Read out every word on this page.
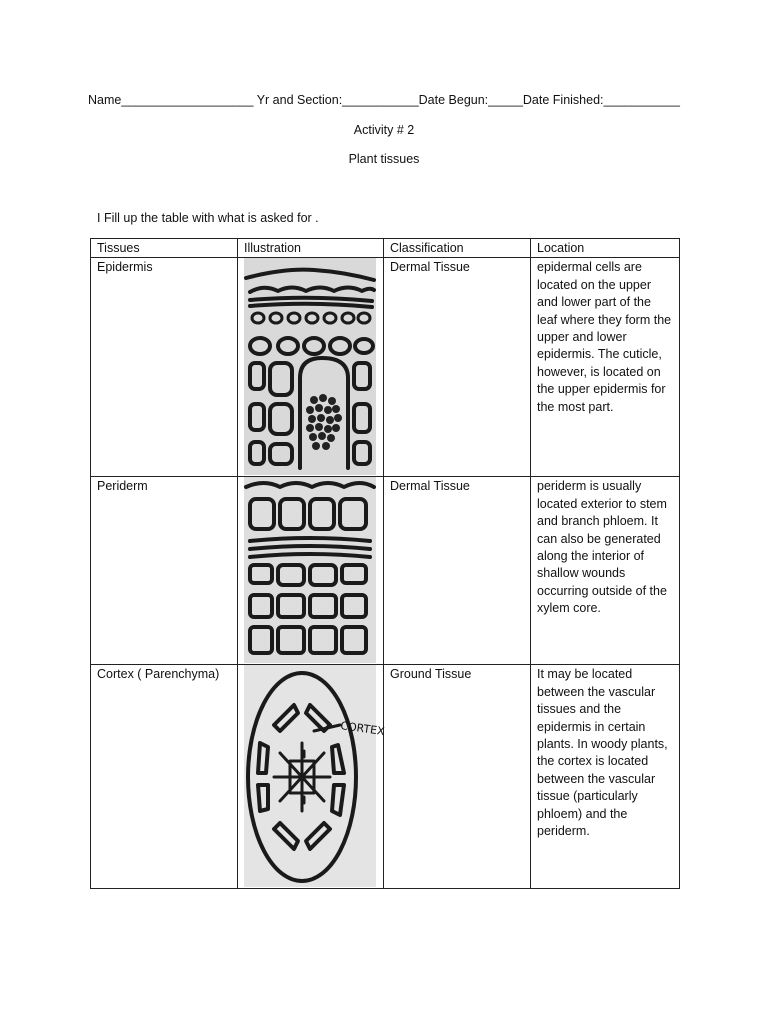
Name___________________ Yr and Section:___________Date Begun:_____Date Finished:___________
Activity # 2
Plant tissues
I Fill up the table with what is asked for .
Tissues	Illustration	Classification	Location
Epidermis		Dermal Tissue	epidermal cells are located on the upper and lower part of the leaf where they form the upper and lower epidermis. The cuticle, however, is located on the upper epidermis for the most part.
Periderm		Dermal Tissue	periderm is usually located exterior to stem and branch phloem. It can also be generated along the interior of shallow wounds occurring outside of the xylem core.
Cortex ( Parenchyma)	CORTEX	Ground Tissue	It may be located between the vascular tissues and the epidermis in certain plants. In woody plants, the cortex is located between the vascular tissue (particularly phloem) and the periderm.
